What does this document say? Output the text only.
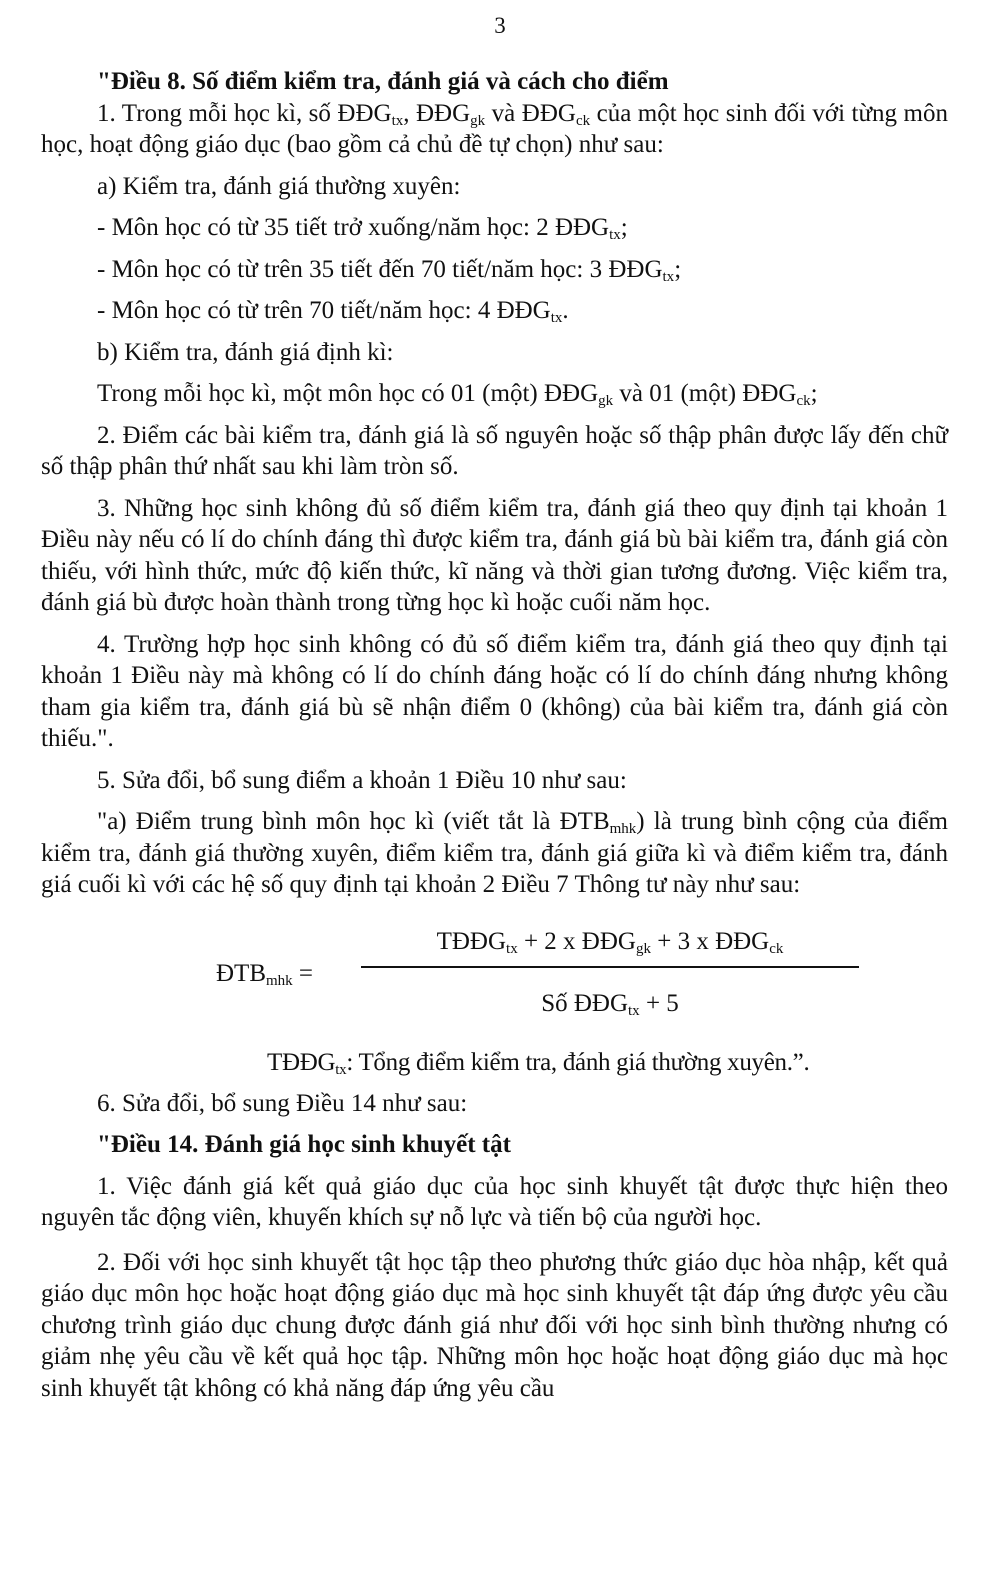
3

"Điều 8. Số điểm kiểm tra, đánh giá và cách cho điểm

1. Trong mỗi học kì, số $ĐĐG_{tx}$, $ĐĐG_{gk}$ và $ĐĐG_{ck}$ của một học sinh đối với từng môn học, hoạt động giáo dục (bao gồm cả chủ đề tự chọn) như sau:

a) Kiểm tra, đánh giá thường xuyên:

- Môn học có từ 35 tiết trở xuống/năm học: 2 $ĐĐG_{tx}$;

- Môn học có từ trên 35 tiết đến 70 tiết/năm học: 3 $ĐĐG_{tx}$;

- Môn học có từ trên 70 tiết/năm học: 4 $ĐĐG_{tx}$.

b) Kiểm tra, đánh giá định kì:

Trong mỗi học kì, một môn học có 01 (một) $ĐĐG_{gk}$ và 01 (một) $ĐĐG_{ck}$;

2. Điểm các bài kiểm tra, đánh giá là số nguyên hoặc số thập phân được lấy đến chữ số thập phân thứ nhất sau khi làm tròn số.

3. Những học sinh không đủ số điểm kiểm tra, đánh giá theo quy định tại khoản 1 Điều này nếu có lí do chính đáng thì được kiểm tra, đánh giá bù bài kiểm tra, đánh giá còn thiếu, với hình thức, mức độ kiến thức, kĩ năng và thời gian tương đương. Việc kiểm tra, đánh giá bù được hoàn thành trong từng học kì hoặc cuối năm học.

4. Trường hợp học sinh không có đủ số điểm kiểm tra, đánh giá theo quy định tại khoản 1 Điều này mà không có lí do chính đáng hoặc có lí do chính đáng nhưng không tham gia kiểm tra, đánh giá bù sẽ nhận điểm 0 (không) của bài kiểm tra, đánh giá còn thiếu.".

5. Sửa đổi, bổ sung điểm a khoản 1 Điều 10 như sau:

"a) Điểm trung bình môn học kì (viết tắt là $ĐTB_{mhk}$) là trung bình cộng của điểm kiểm tra, đánh giá thường xuyên, điểm kiểm tra, đánh giá giữa kì và điểm kiểm tra, đánh giá cuối kì với các hệ số quy định tại khoản 2 Điều 7 Thông tư này như sau:

$ĐTB_{mhk}$ =
$TĐĐG_{tx} + 2$ x $ĐĐG_{gk} + 3$ x $ĐĐG_{ck}$
Số $ĐĐG_{tx} + 5$

$TĐĐG_{tx}$: Tổng điểm kiểm tra, đánh giá thường xuyên.”.

6. Sửa đổi, bổ sung Điều 14 như sau:

"Điều 14. Đánh giá học sinh khuyết tật

1. Việc đánh giá kết quả giáo dục của học sinh khuyết tật được thực hiện theo nguyên tắc động viên, khuyến khích sự nỗ lực và tiến bộ của người học.

2. Đối với học sinh khuyết tật học tập theo phương thức giáo dục hòa nhập, kết quả giáo dục môn học hoặc hoạt động giáo dục mà học sinh khuyết tật đáp ứng được yêu cầu chương trình giáo dục chung được đánh giá như đối với học sinh bình thường nhưng có giảm nhẹ yêu cầu về kết quả học tập. Những môn học hoặc hoạt động giáo dục mà học sinh khuyết tật không có khả năng đáp ứng yêu cầu
